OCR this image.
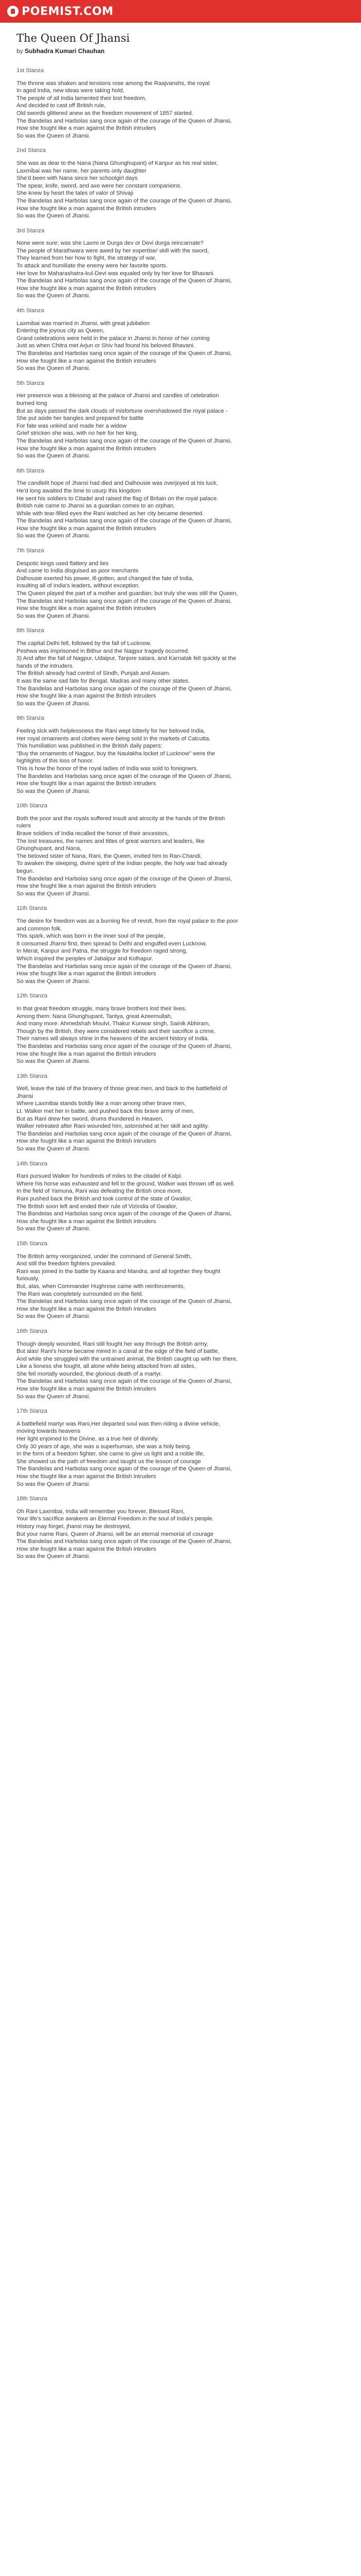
POEMIST.COM
The Queen Of Jhansi
by Subhadra Kumari Chauhan
1st Stanza
The throne was shaken and tensions rose among the Raajvanshs, the royal
In aged India, new ideas were taking hold,
The people of all India lamented their lost freedom,
And decided to cast off British rule,
Old swords glittered anew as the freedom movement of 1857 started.
The Bandelas and Harbolas sang once again of the courage of the Queen of Jhansi,
How she fought like a man against the British intruders
So was the Queen of Jhansi.
2nd Stanza
She was as dear to the Nana (Nana Ghunghupant) of Kanpur as his real sister,
Laxmibai was her name, her parents only daughter
She'd been with Nana since her schoolgirl days
The spear, knife, sword, and axe were her constant companions.
She knew by heart the tales of valor of Shivaji
The Bandelas and Harbolas sang once again of the courage of the Queen of Jhansi,
How she fought like a man against the British intruders
So was the Queen of Jhansi.
3rd Stanza
None were sure; was she Laxmi or Durga dev or Devi durga reincarnate?
The people of Marathwara were awed by her expertise/ skill with the sword,
They learned from her how to fight, the strategy of war,
To attack and humiliate the enemy were her favorite sports.
Her love for Maharashatra-kul-Devi was equaled only by her love for Bhavani.
The Bandelas and Harbolas sang once again of the courage of the Queen of Jhansi,
How she fought like a man against the British intruders
So was the Queen of Jhansi.
4th Stanza
Laxmibai was married in Jhansi, with great jubilation
Entering the joyous city as Queen,
Grand celebrations were held in the palace in Jhansi in honor of her coming
Just as when Chitra met Arjun or Shiv had found his beloved Bhavani.
The Bandelas and Harbolas sang once again of the courage of the Queen of Jhansi,
How she fought like a man against the British intruders
So was the Queen of Jhansi.
5th Stanza
Her presence was a blessing at the palace of Jhansi and candles of celebration burned long
But as days passed the dark clouds of misfortune overshadowed the royal palace -
She put aside her bangles and prepared for battle
For fate was unkind and made her a widow
Grief stricken she was, with no heir for her king,
The Bandelas and Harbolas sang once again of the courage of the Queen of Jhansi,
How she fought like a man against the British intruders
So was the Queen of Jhansi.
6th Stanza
The candlelit hope of Jhansi had died and Dalhousie was overjoyed at his luck,
He'd long awaited the time to usurp this kingdom
He sent his soldiers to Citadel and raised the flag of Britain on the royal palace.
British rule came to Jhansi as a guardian comes to an orphan,
While with tear-filled eyes the Rani watched as her city became deserted.
The Bandelas and Harbolas sang once again of the courage of the Queen of Jhansi,
How she fought like a man against the British intruders
So was the Queen of Jhansi.
7th Stanza
Despotic kings used flattery and lies
And came to India disguised as poor merchants
Dalhousie exerted his power, ill-gotten, and changed the fate of India,
Insulting all of India's leaders, without exception.
The Queen played the part of a mother and guardian; but truly she was still the Queen,
The Bandelas and Harbolas sang once again of the courage of the Queen of Jhansi,
How she fought like a man against the British intruders
So was the Queen of Jhansi.
8th Stanza
The capital Delhi fell, followed by the fall of Lucknow,
Peshwa was imprisoned in Bithur and the Nagpur tragedy occurred.
3) And after the fall of Nagpur, Udaipur, Tanjore satara, and Karnatak fell quickly at the hands of the intruders.
The British already had control of Sindh, Punjab and Assam.
It was the same sad fate for Bengal, Madras and many other states.
The Bandelas and Harbolas sang once again of the courage of the Queen of Jhansi,
How she fought like a man against the British intruders
So was the Queen of Jhansi.
9th Stanza
Feeling sick with helplessness the Rani wept bitterly for her beloved India,
Her royal ornaments and clothes were being sold in the markets of Calcutta.
This humiliation was published in the British daily papers:
"Buy the ornaments of Nagpur, buy the Naulakha locket of Lucknow" were the highlights of this loss of honor.
This is how the honor of the royal ladies of India was sold to foreigners.
The Bandelas and Harbolas sang once again of the courage of the Queen of Jhansi,
How she fought like a man against the British intruders
So was the Queen of Jhansi.
10th Stanza
Both the poor and the royals suffered insult and atrocity at the hands of the British rulers
Brave soldiers of India recalled the honor of their ancestors,
The lost treasures, the names and titles of great warriors and leaders, like Ghunghupant, and Nana,
The beloved sister of Nana, Rani, the Queen, invited him to Ran-Chandi,
To awaken the sleeping, divine spirit of the Indian people, the holy war had already begun.
The Bandelas and Harbolas sang once again of the courage of the Queen of Jhansi,
How she fought like a man against the British intruders
So was the Queen of Jhansi.
11th Stanza
The desire for freedom was as a burning fire of revolt, from the royal palace to the poor and common folk.
This spark, which was born in the inner soul of the people,
It consumed Jhansi first, then spread to Delhi and engulfed even Lucknow,
In Merat, Kanpur and Patna, the struggle for freedom raged strong,
Which inspired the peoples of Jabalpur and Kolhapur.
The Bandelas and Harbolas sang once again of the courage of the Queen of Jhansi,
How she fought like a man against the British intruders
So was the Queen of Jhansi.
12th Stanza
In that great freedom struggle, many brave brothers lost their lives,
Among them: Nana Ghunghupant, Tantya, great Azeemullah,
And many more: Ahmedshah Moulvi, Thakur Kunwar singh, Sainik Abhiram,
Though by the British, they were considered rebels and their sacrifice a crime,
Their names will always shine in the heavens of the ancient history of India.
The Bandelas and Harbolas sang once again of the courage of the Queen of Jhansi,
How she fought like a man against the British intruders
So was the Queen of Jhansi.
13th Stanza
Well, leave the tale of the bravery of those great men, and back to the battlefield of Jhansi
Where Laxmibai stands boldly like a man among other brave men,
Lt. Walker met her in battle, and pushed back this brave army of men,
But as Rani drew her sword, drums thundered in Heaven,
Walker retreated after Rani wounded him, astonished at her skill and agility.
The Bandelas and Harbolas sang once again of the courage of the Queen of Jhansi,
How she fought like a man against the British intruders
So was the Queen of Jhansi.
14th Stanza
Rani pursued Walker for hundreds of miles to the citadel of Kalpi.
Where his horse was exhausted and fell to the ground, Walker was thrown off as well.
In the field of Yamuna, Rani was defeating the British once more,
Rani pushed back the British and took control of the state of Gwalior,
The British soon left and ended their rule of Vizindia of Gwalior,
The Bandelas and Harbolas sang once again of the courage of the Queen of Jhansi,
How she fought like a man against the British intruders
So was the Queen of Jhansi.
15th Stanza
The British army reorganized, under the command of General Smith,
And still the freedom fighters prevailed.
Rani was joined in the battle by Kaana and Mandra, and all together they fought furiously,
But, alas, when Commander Hughrose came with reinforcements,
The Rani was completely surrounded on the field.
The Bandelas and Harbolas sang once again of the courage of the Queen of Jhansi,
How she fought like a man against the British intruders
So was the Queen of Jhansi.
16th Stanza
Though deeply wounded, Rani still fought her way through the British army,
But alas! Rani's horse became mired in a canal at the edge of the field of battle,
And while she struggled with the untrained animal, the British caught up with her there,
Like a lioness she fought, all alone while being attacked from all sides,
She fell mortally wounded, the glorious death of a martyr.
The Bandelas and Harbolas sang once again of the courage of the Queen of Jhansi,
How she fought like a man against the British intruders
So was the Queen of Jhansi.
17th Stanza
A battlefield martyr was Rani,Her departed soul was then riding a divine vehicle, moving towards heavens
Her light enjoined to the Divine, as a true heir of divinity.
Only 30 years of age, she was a superhuman, she was a holy being.
In the form of a freedom fighter, she came to give us light and a noble life,
She showed us the path of freedom and taught us the lesson of courage
The Bandelas and Harbolas sang once again of the courage of the Queen of Jhansi,
How she fought like a man against the British intruders
So was the Queen of Jhansi.
18th Stanza
Oh Rani Laxmibai, India will remember you forever, Blessed Rani,
Your life's sacrifice awakens an Eternal Freedom in the soul of India's people.
History may forget, jhansi may be destroyed,
But your name Rani, Queen of Jhansi, will be an eternal memorial of courage
The Bandelas and Harbolas sang once again of the courage of the Queen of Jhansi,
How she fought like a man against the British intruders
So was the Queen of Jhansi.
